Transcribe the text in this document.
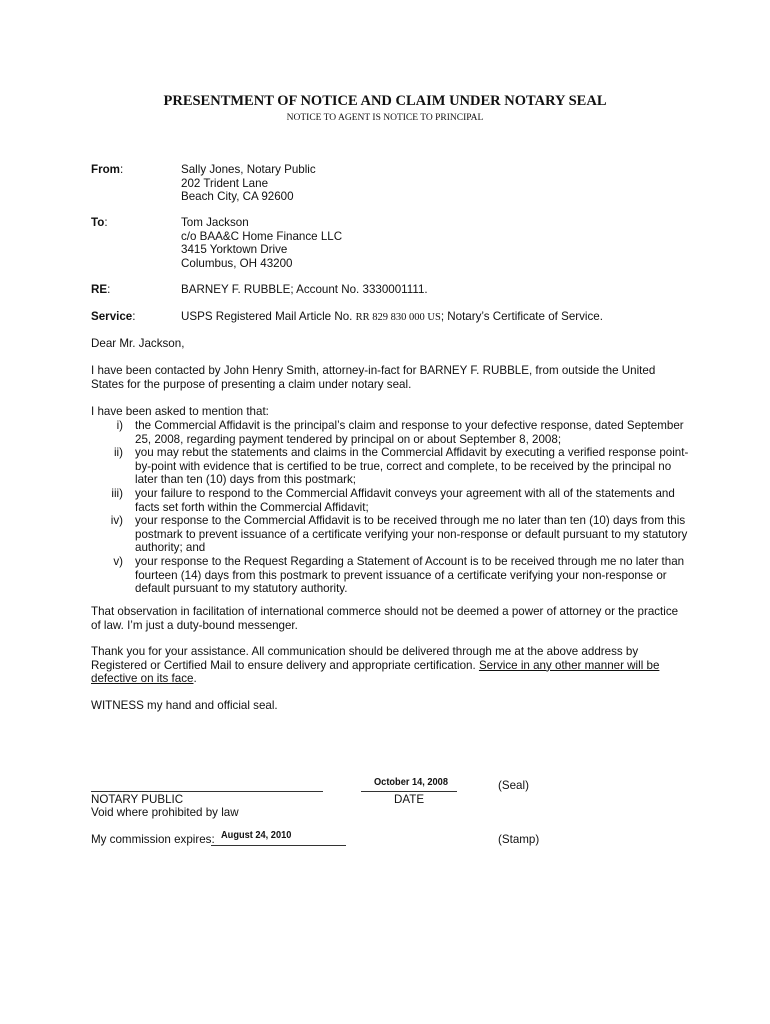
PRESENTMENT OF NOTICE AND CLAIM UNDER NOTARY SEAL
NOTICE TO AGENT IS NOTICE TO PRINCIPAL
From:	Sally Jones, Notary Public
202 Trident Lane
Beach City, CA 92600
To:	Tom Jackson
c/o BAA&C Home Finance LLC
3415 Yorktown Drive
Columbus, OH 43200
RE:	BARNEY F. RUBBLE; Account No. 3330001111.
Service:	USPS Registered Mail Article No. RR 829 830 000 US; Notary’s Certificate of Service.
Dear Mr. Jackson,
I have been contacted by John Henry Smith, attorney-in-fact for BARNEY F. RUBBLE, from outside the United States for the purpose of presenting a claim under notary seal.
I have been asked to mention that:
i)	the Commercial Affidavit is the principal’s claim and response to your defective response, dated September 25, 2008, regarding payment tendered by principal on or about September 8, 2008;
ii)	you may rebut the statements and claims in the Commercial Affidavit by executing a verified response point-by-point with evidence that is certified to be true, correct and complete, to be received by the principal no later than ten (10) days from this postmark;
iii)	your failure to respond to the Commercial Affidavit conveys your agreement with all of the statements and facts set forth within the Commercial Affidavit;
iv)	your response to the Commercial Affidavit is to be received through me no later than ten (10) days from this postmark to prevent issuance of a certificate verifying your non-response or default pursuant to my statutory authority; and
v)	your response to the Request Regarding a Statement of Account is to be received through me no later than fourteen (14) days from this postmark to prevent issuance of a certificate verifying your non-response or default pursuant to my statutory authority.
That observation in facilitation of international commerce should not be deemed a power of attorney or the practice of law. I’m just a duty-bound messenger.
Thank you for your assistance. All communication should be delivered through me at the above address by Registered or Certified Mail to ensure delivery and appropriate certification. Service in any other manner will be defective on its face.
WITNESS my hand and official seal.
October 14, 2008
DATE
(Seal)
NOTARY PUBLIC
Void where prohibited by law
My commission expires: August 24, 2010	(Stamp)
